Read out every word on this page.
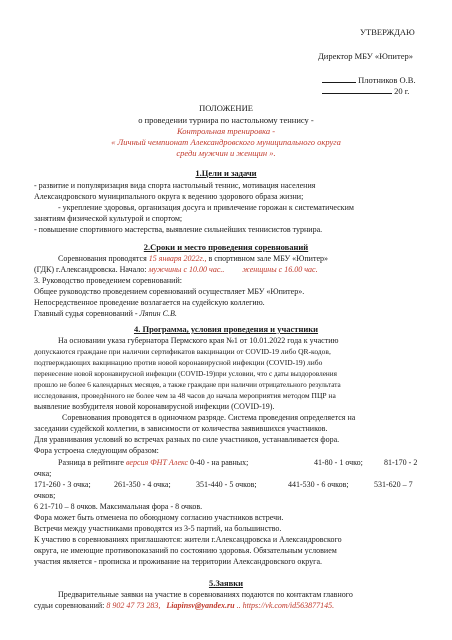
УТВЕРЖДАЮ
Директор МБУ «Юпитер»
Плотников О.В.
20 г.
ПОЛОЖЕНИЕ
о проведении турнира по настольному теннису -
Контрольная тренировка -
« Личный чемпионат Александровского муниципального округа
среди мужчин и женщин ».
1.Цели и задачи
- развитие и популяризация вида спорта настольный теннис, мотивация населения
Александровского муниципального округа к ведению здорового образа жизни;
- укрепление здоровья, организация досуга и привлечение горожан к систематическим
занятиям физической культурой и спортом;
- повышение спортивного мастерства, выявление сильнейших теннисистов турнира.
2.Сроки и место проведения соревнований
Соревнования проводятся 15 января 2022г., в спортивном зале МБУ «Юпитер»
(ГДК) г.Александровска. Начало: мужчины с 10.00 час.. женщины с 16.00 час.
3. Руководство проведением соревнований:
Общее руководство проведением соревнований осуществляет МБУ «Юпитер».
Непосредственное проведение возлагается на судейскую коллегию.
Главный судья соревнований - Ляпин С.В.
4. Программа, условия проведения и участники
На основании указа губернатора Пермского края №1 от 10.01.2022 года к участию
допускаются граждане при наличии сертификатов вакцинации от COVID-19 либо QR-кодов,
подтверждающих вакцинацию против новой коронавирусной инфекции (COVID-19) либо
перенесение новой коронавирусной инфекции (COVID-19)при условии, что с даты выздоровления
прошло не более 6 календарных месяцев, а также граждане при наличии отрицательного результата
исследования, проведённого не более чем за 48 часов до начала мероприятия методом ПЦР на
выявление возбудителя новой коронавирусной инфекции (COVID-19).
Соревнования проводятся в одиночном разряде. Система проведения определяется на
заседании судейской коллегии, в зависимости от количества заявившихся участников.
Для уравнивания условий во встречах разных по силе участников, устанавливается фора.
Фора устроена следующим образом:
Разница в рейтинге версия ФНТ Алекс 0-40 - на равных;	41-80 - 1 очко;	81-170 - 2
очка;
171-260 - 3 очка;	261-350 - 4 очка;	351-440 - 5 очков;	441-530 - 6 очков;	531-620 – 7
очков;
6 21-710 – 8 очков. Максимальная фора - 8 очков.
Фора может быть отменена по обоюдному согласию участников встречи.
Встречи между участниками проводятся из 3-5 партий, на большинство.
К участию в соревнованиях приглашаются: жители г.Александровска и Александровского
округа, не имеющие противопоказаний по состоянию здоровья. Обязательным условием
участия является - прописка и проживание на территории Александровского округа.
5.Заявки
Предварительные заявки на участие в соревнованиях подаются по контактам главного
судьи соревнований: 8 902 47 73 283, Liapinsv@yandex.ru .. https://vk.com/id563877145.
